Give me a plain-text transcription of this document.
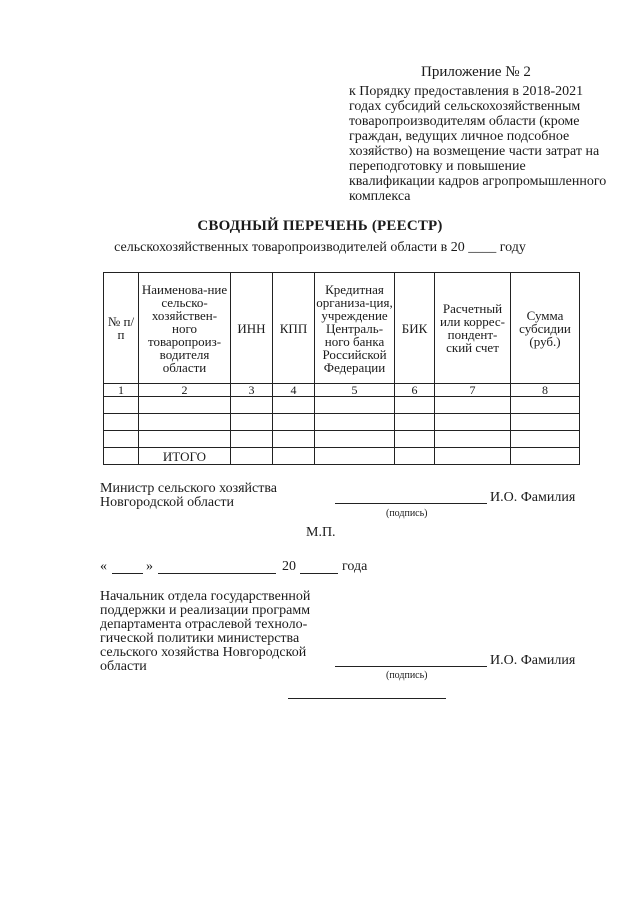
Приложение № 2
к Порядку предоставления в 2018-2021 годах субсидий сельскохозяйственным товаропроизводителям области (кроме граждан, ведущих личное подсобное хозяйство) на возмещение части затрат на переподготовку и повышение квалификации кадров агропромышленного комплекса
СВОДНЫЙ ПЕРЕЧЕНЬ (РЕЕСТР)
сельскохозяйственных товаропроизводителей области в 20 ____ году
№ п/п	Наименова-ние сельско-хозяйствен-ного товаропроиз-водителя области	ИНН	КПП	Кредитная организа-ция, учреждение Централь-ного банка Российской Федерации	БИК	Расчетный или коррес-пондент-ский счет	Сумма субсидии (руб.)
1	2	3	4	5	6	7	8

	ИТОГО						
Министр сельского хозяйства Новгородской области	И.О. Фамилия
(подпись)
М.П.
«	»	20	года
Начальник отдела государственной поддержки и реализации программ департамента отраслевой техноло-гической политики министерства сельского хозяйства Новгородской области	И.О. Фамилия
(подпись)
